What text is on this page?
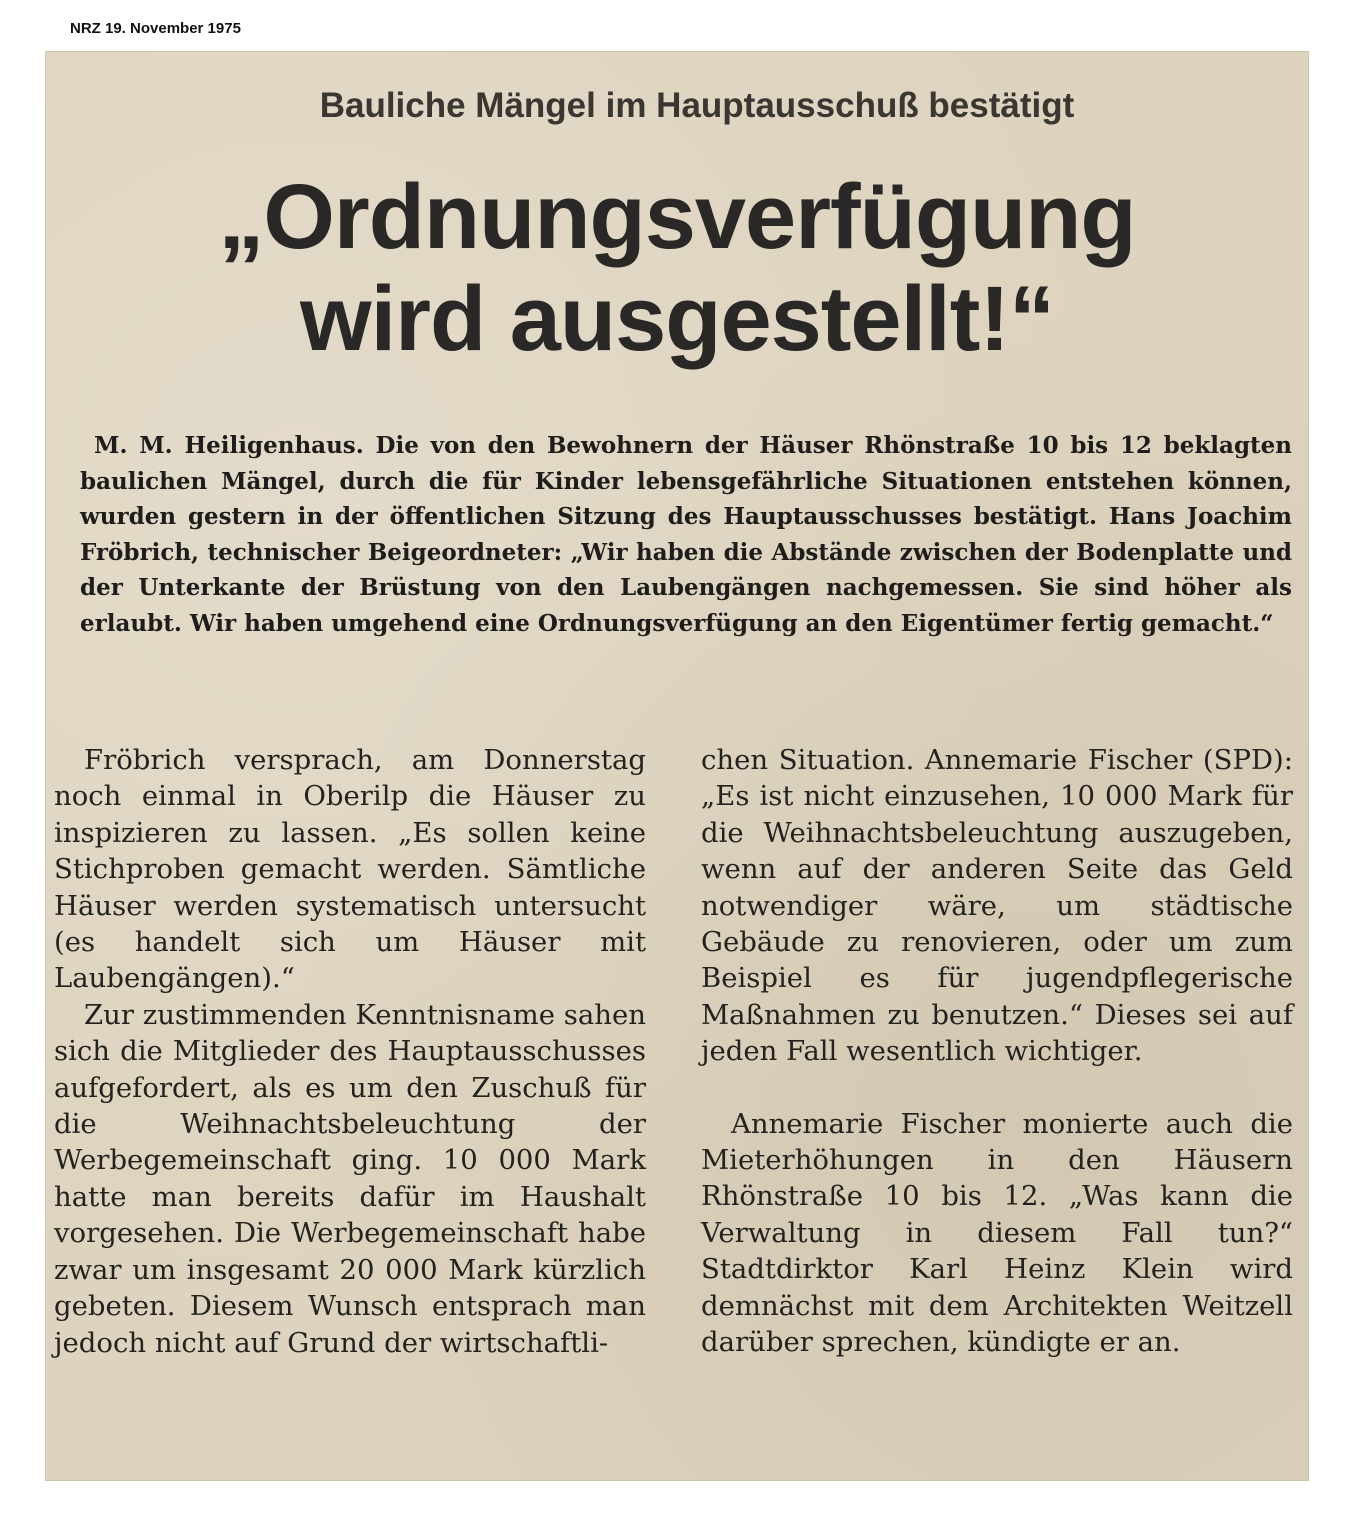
NRZ 19. November 1975
Bauliche Mängel im Hauptausschuß bestätigt
„Ordnungsverfügung
wird ausgestellt!“

M. M. Heiligenhaus. Die von den Bewohnern der Häuser Rhönstraße 10 bis 12 beklagten baulichen Mängel, durch die für Kinder lebensgefährliche Situationen entstehen können, wurden gestern in der öffentlichen Sitzung des Hauptausschusses bestätigt. Hans Joachim Fröbrich, technischer Beigeordneter: „Wir haben die Abstände zwischen der Bodenplatte und der Unterkante der Brüstung von den Laubengängen nachgemessen. Sie sind höher als erlaubt. Wir haben umgehend eine Ordnungsverfügung an den Eigentümer fertig gemacht.“

Fröbrich versprach, am Donnerstag noch einmal in Oberilp die Häuser zu inspizieren zu lassen. „Es sollen keine Stichproben gemacht werden. Sämtliche Häuser werden systematisch untersucht (es handelt sich um Häuser mit Laubengängen).“

Zur zustimmenden Kenntnisname sahen sich die Mitglieder des Hauptausschusses aufgefordert, als es um den Zuschuß für die Weihnachtsbeleuchtung der Werbegemeinschaft ging. 10 000 Mark hatte man bereits dafür im Haushalt vorgesehen. Die Werbegemeinschaft habe zwar um insgesamt 20 000 Mark kürzlich gebeten. Diesem Wunsch entsprach man jedoch nicht auf Grund der wirtschaftli-

chen Situation. Annemarie Fischer (SPD): „Es ist nicht einzusehen, 10 000 Mark für die Weihnachtsbeleuchtung auszugeben, wenn auf der anderen Seite das Geld notwendiger wäre, um städtische Gebäude zu renovieren, oder um zum Beispiel es für jugendpflegerische Maßnahmen zu benutzen.“ Dieses sei auf jeden Fall wesentlich wichtiger.

Annemarie Fischer monierte auch die Mieterhöhungen in den Häusern Rhönstraße 10 bis 12. „Was kann die Verwaltung in diesem Fall tun?“ Stadtdirktor Karl Heinz Klein wird demnächst mit dem Architekten Weitzell darüber sprechen, kündigte er an.
